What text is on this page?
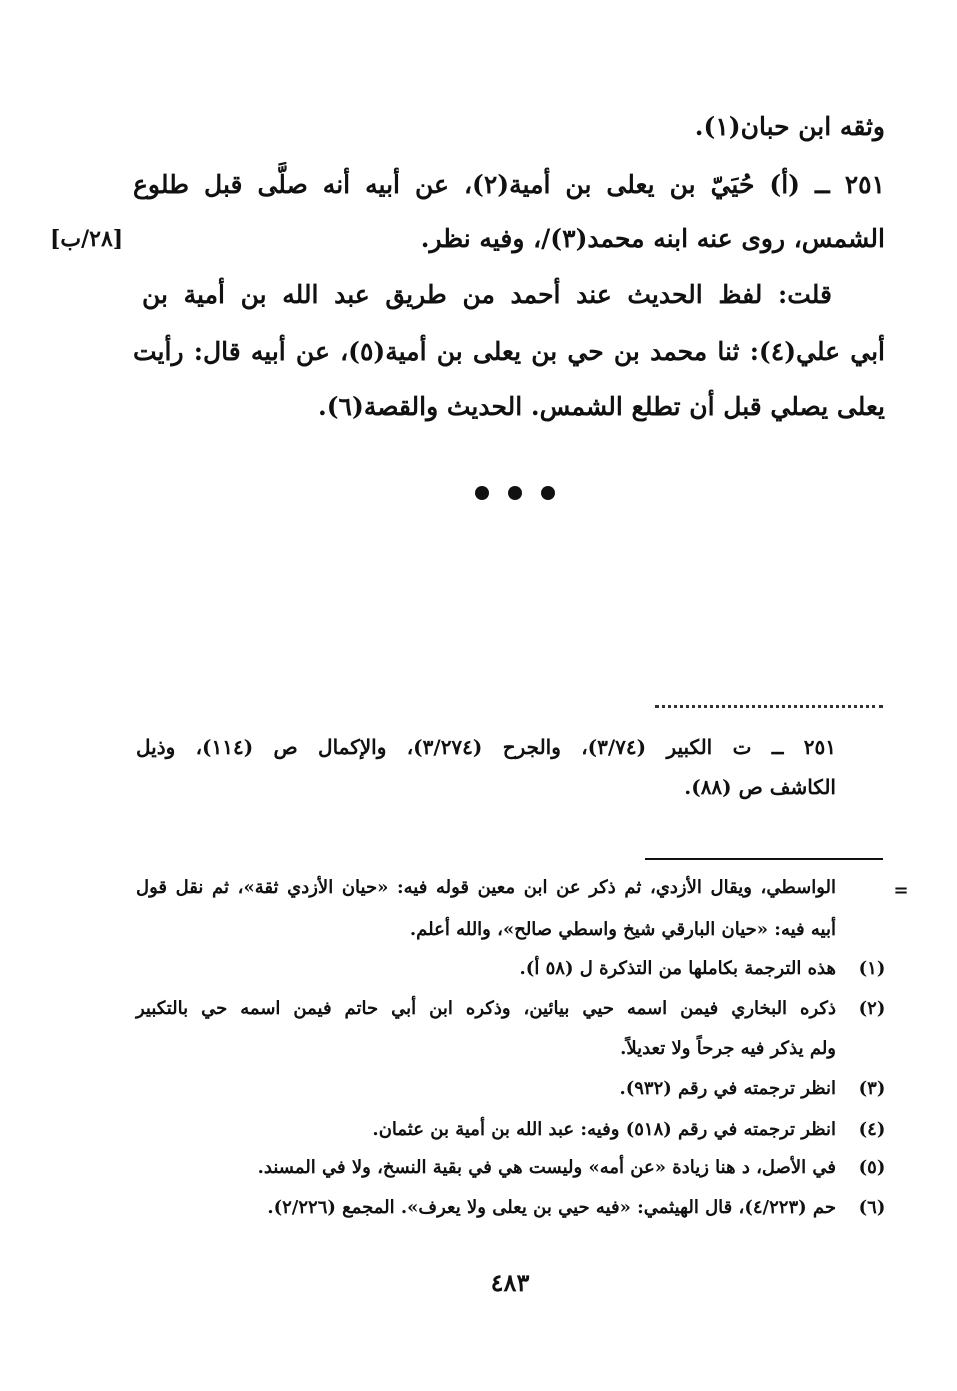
وثقه ابن حبان(١).
٢٥١ ــ (أ) حُيَيّ بن يعلى بن أمية(٢)، عن أبيه أنه صلَّى قبل طلوع
الشمس، روى عنه ابنه محمد(٣)/، وفيه نظر.
[٢٨/ب]
قلت: لفظ الحديث عند أحمد من طريق عبد الله بن أمية بن
أبي علي(٤): ثنا محمد بن حي بن يعلى بن أمية(٥)، عن أبيه قال: رأيت
يعلى يصلي قبل أن تطلع الشمس. الحديث والقصة(٦).
٢٥١ ــ ت الكبير (٣/٧٤)، والجرح (٣/٢٧٤)، والإكمال ص (١١٤)، وذيل
الكاشف ص (٨٨).
=
الواسطي، ويقال الأزدي، ثم ذكر عن ابن معين قوله فيه: «حيان الأزدي ثقة»، ثم نقل قول
أبيه فيه: «حيان البارقي شيخ واسطي صالح»، والله أعلم.
(١)
هذه الترجمة بكاملها من التذكرة ل (٥٨ أ).
(٢)
ذكره البخاري فيمن اسمه حيي بيائين، وذكره ابن أبي حاتم فيمن اسمه حي بالتكبير
ولم يذكر فيه جرحاً ولا تعديلاً.
(٣)
انظر ترجمته في رقم (٩٣٢).
(٤)
انظر ترجمته في رقم (٥١٨) وفيه: عبد الله بن أمية بن عثمان.
(٥)
في الأصل، د هنا زيادة «عن أمه» وليست هي في بقية النسخ، ولا في المسند.
(٦)
حم (٤/٢٢٣)، قال الهيثمي: «فيه حيي بن يعلى ولا يعرف». المجمع (٢/٢٢٦).
٤٨٣
